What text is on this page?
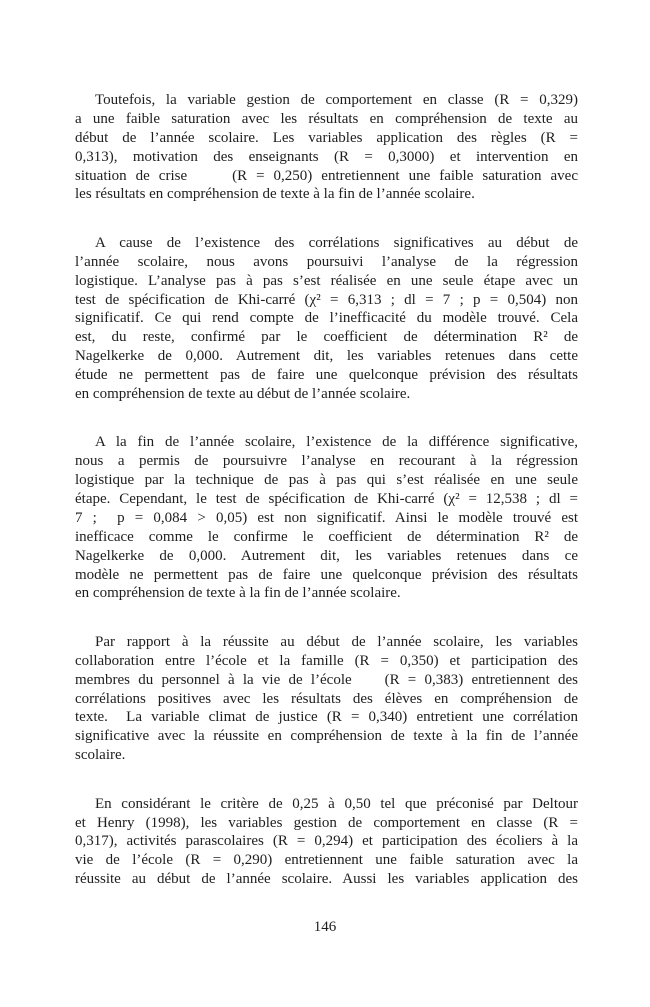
Toutefois, la variable gestion de comportement en classe (R = 0,329)
a une faible saturation avec les résultats en compréhension de texte au
début de l’année scolaire. Les variables application des règles (R =
0,313), motivation des enseignants (R = 0,3000) et intervention en
situation de crise     (R = 0,250) entretiennent une faible saturation avec
les résultats en compréhension de texte à la fin de l’année scolaire.
A cause de l’existence des corrélations significatives au début de
l’année scolaire, nous avons poursuivi l’analyse de la régression
logistique. L’analyse pas à pas s’est réalisée en une seule étape avec un
test de spécification de Khi-carré (χ² = 6,313 ; dl = 7 ; p = 0,504) non
significatif. Ce qui rend compte de l’inefficacité du modèle trouvé. Cela
est, du reste, confirmé par le coefficient de détermination R² de
Nagelkerke de 0,000. Autrement dit, les variables retenues dans cette
étude ne permettent pas de faire une quelconque prévision des résultats
en compréhension de texte au début de l’année scolaire.
A la fin de l’année scolaire, l’existence de la différence significative,
nous a permis de poursuivre l’analyse en recourant à la régression
logistique par la technique de pas à pas qui s’est réalisée en une seule
étape. Cependant, le test de spécification de Khi-carré (χ² = 12,538 ; dl =
7 ;  p = 0,084 > 0,05) est non significatif. Ainsi le modèle trouvé est
inefficace comme le confirme le coefficient de détermination R² de
Nagelkerke de 0,000. Autrement dit, les variables retenues dans ce
modèle ne permettent pas de faire une quelconque prévision des résultats
en compréhension de texte à la fin de l’année scolaire.
Par rapport à la réussite au début de l’année scolaire, les variables
collaboration entre l’école et la famille (R = 0,350) et participation des
membres du personnel à la vie de l’école    (R = 0,383) entretiennent des
corrélations positives avec les résultats des élèves en compréhension de
texte.  La variable climat de justice (R = 0,340) entretient une corrélation
significative avec la réussite en compréhension de texte à la fin de l’année
scolaire.
En considérant le critère de 0,25 à 0,50 tel que préconisé par Deltour
et Henry (1998), les variables gestion de comportement en classe (R =
0,317), activités parascolaires (R = 0,294) et participation des écoliers à la
vie de l’école (R = 0,290) entretiennent une faible saturation avec la
réussite au début de l’année scolaire. Aussi les variables application des
146
